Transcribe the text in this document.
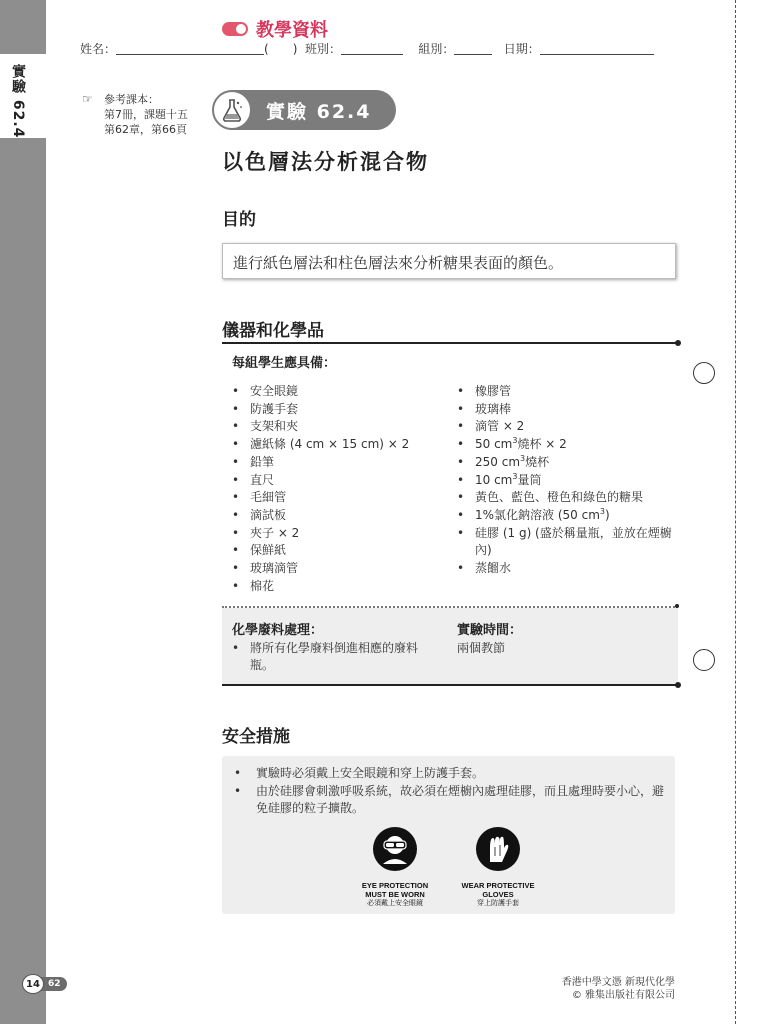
實驗 62.4
教學資料
姓名：	( ) 班別：	組別：	日期：
☞ 參考課本：
第7冊，課題十五
第62章，第66頁
實驗 62.4
以色層法分析混合物
目的
進行紙色層法和柱色層法來分析糖果表面的顏色。
儀器和化學品
每組學生應具備：
• 安全眼鏡
• 防護手套
• 支架和夾
• 濾紙條 (4 cm × 15 cm) × 2
• 鉛筆
• 直尺
• 毛細管
• 滴試板
• 夾子 × 2
• 保鮮紙
• 玻璃滴管
• 棉花
• 橡膠管
• 玻璃棒
• 滴管 × 2
• 50 $cm^3$燒杯 × 2
• 250 $cm^3$燒杯
• 10 $cm^3$量筒
• 黃色、藍色、橙色和綠色的糖果
• 1%氯化鈉溶液 (50 $cm^3$)
• 硅膠 (1 g) (盛於稱量瓶，並放在煙櫥內)
• 蒸餾水
化學廢料處理：
• 將所有化學廢料倒進相應的廢料瓶。
實驗時間：
兩個教節
安全措施
• 實驗時必須戴上安全眼鏡和穿上防護手套。
• 由於硅膠會刺激呼吸系統，故必須在煙櫥內處理硅膠，而且處理時要小心，避免硅膠的粒子擴散。
EYE PROTECTION
MUST BE WORN
必須戴上安全眼鏡
WEAR PROTECTIVE
GLOVES
穿上防護手套
14 62	香港中學文憑 新現代化學
© 雅集出版社有限公司
